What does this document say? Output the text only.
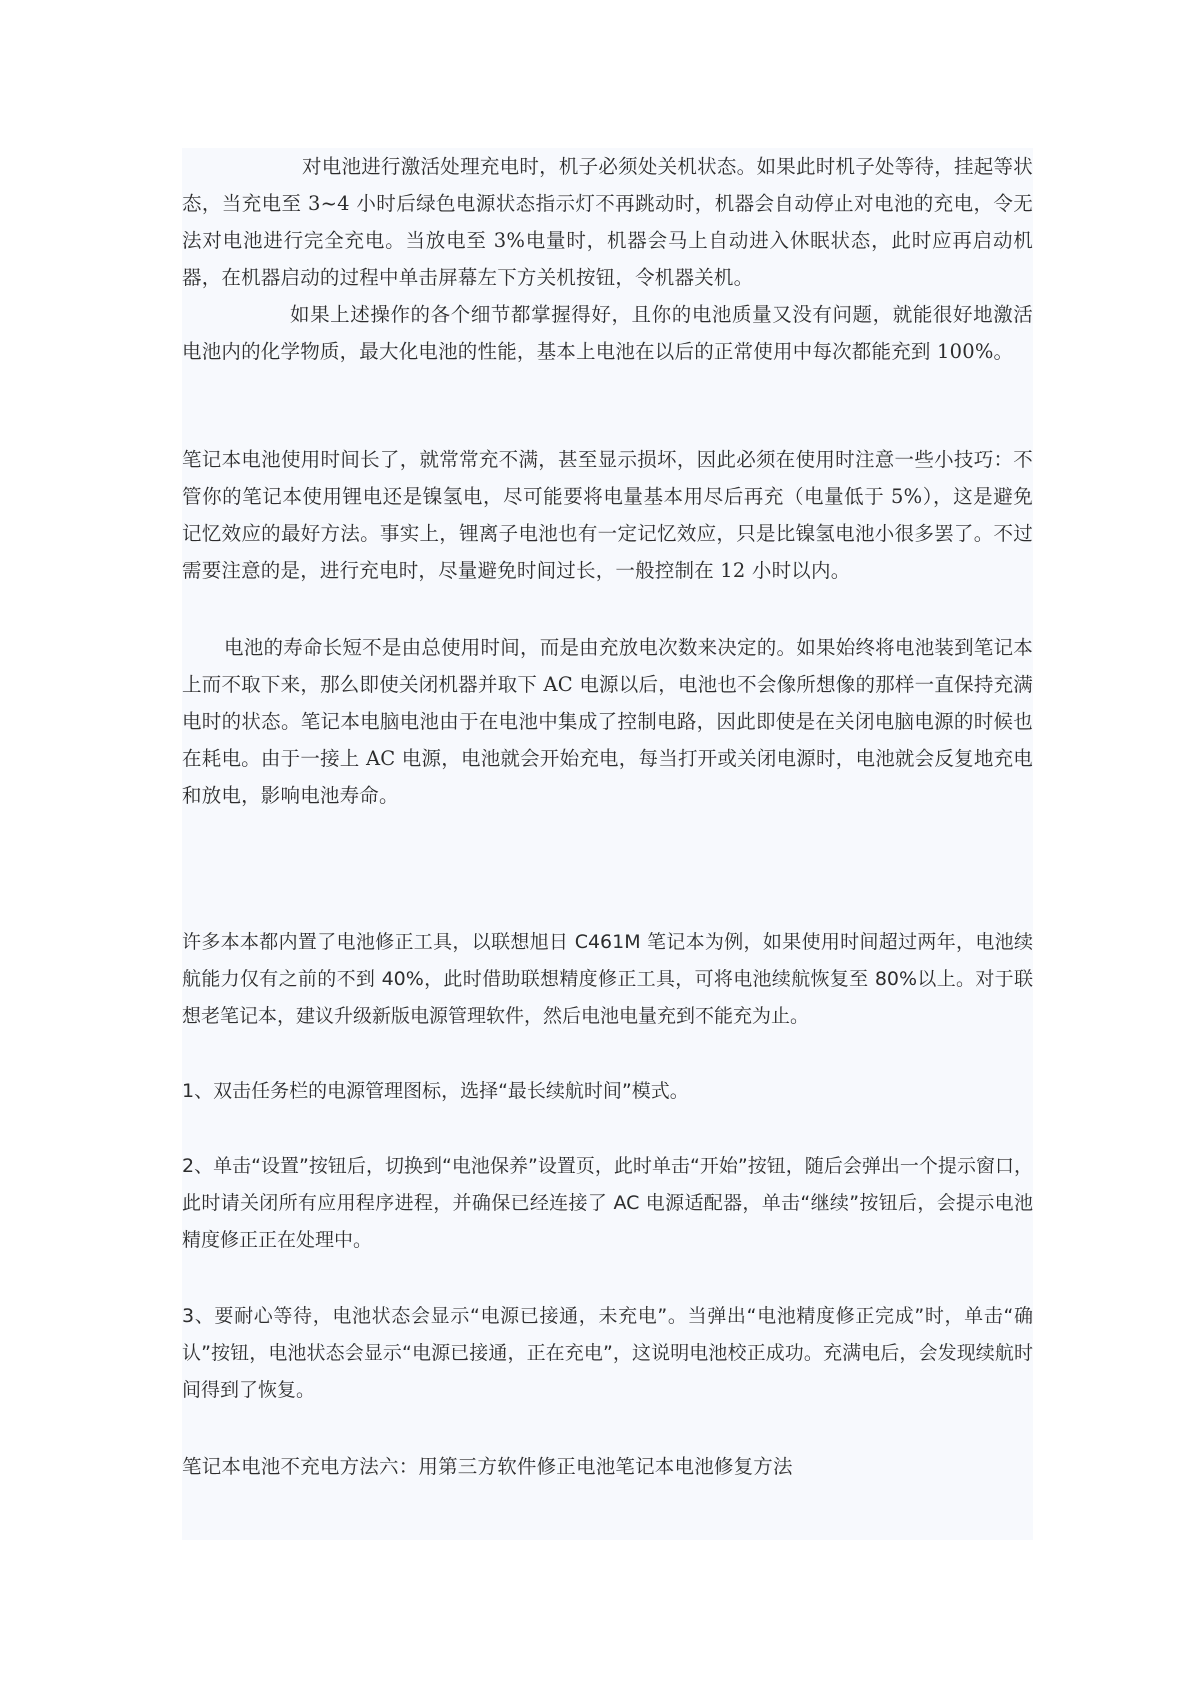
对电池进行激活处理充电时，机子必须处关机状态。如果此时机子处等待，挂起等状态，当充电至 3~4 小时后绿色电源状态指示灯不再跳动时，机器会自动停止对电池的充电，令无法对电池进行完全充电。当放电至 3%电量时，机器会马上自动进入休眠状态，此时应再启动机器，在机器启动的过程中单击屏幕左下方关机按钮，令机器关机。

如果上述操作的各个细节都掌握得好，且你的电池质量又没有问题，就能很好地激活电池内的化学物质，最大化电池的性能，基本上电池在以后的正常使用中每次都能充到 100%。

笔记本电池使用时间长了，就常常充不满，甚至显示损坏，因此必须在使用时注意一些小技巧：不管你的笔记本使用锂电还是镍氢电，尽可能要将电量基本用尽后再充（电量低于 5%），这是避免记忆效应的最好方法。事实上，锂离子电池也有一定记忆效应，只是比镍氢电池小很多罢了。不过需要注意的是，进行充电时，尽量避免时间过长，一般控制在 12 小时以内。

电池的寿命长短不是由总使用时间，而是由充放电次数来决定的。如果始终将电池装到笔记本上而不取下来，那么即使关闭机器并取下 AC 电源以后，电池也不会像所想像的那样一直保持充满电时的状态。笔记本电脑电池由于在电池中集成了控制电路，因此即使是在关闭电脑电源的时候也在耗电。由于一接上 AC 电源，电池就会开始充电，每当打开或关闭电源时，电池就会反复地充电和放电，影响电池寿命。

许多本本都内置了电池修正工具，以联想旭日 C461M 笔记本为例，如果使用时间超过两年，电池续航能力仅有之前的不到 40%，此时借助联想精度修正工具，可将电池续航恢复至 80%以上。对于联想老笔记本，建议升级新版电源管理软件，然后电池电量充到不能充为止。

1、双击任务栏的电源管理图标，选择“最长续航时间”模式。

2、单击“设置”按钮后，切换到“电池保养”设置页，此时单击“开始”按钮，随后会弹出一个提示窗口，此时请关闭所有应用程序进程，并确保已经连接了 AC 电源适配器，单击“继续”按钮后，会提示电池精度修正正在处理中。

3、要耐心等待，电池状态会显示“电源已接通，未充电”。当弹出“电池精度修正完成”时，单击“确认”按钮，电池状态会显示“电源已接通，正在充电”，这说明电池校正成功。充满电后，会发现续航时间得到了恢复。

笔记本电池不充电方法六：用第三方软件修正电池笔记本电池修复方法
